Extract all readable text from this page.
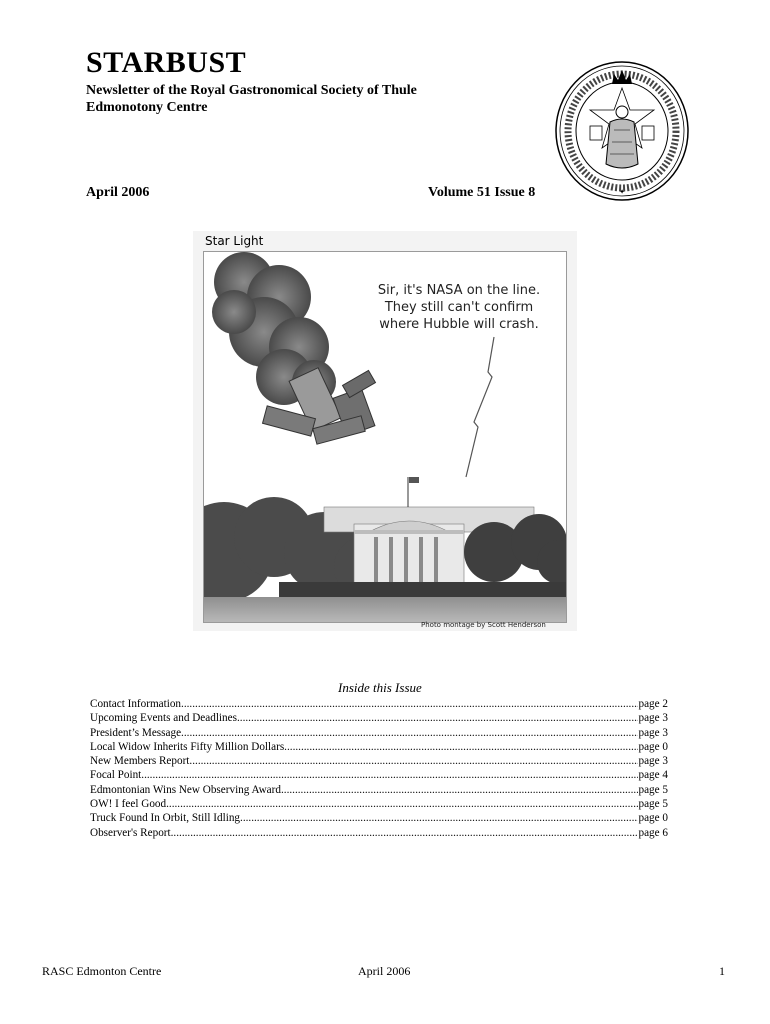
STARBUST
Newsletter of the Royal Gastronomical Society of Thule
Edmonotony Centre
✦
April 2006	Volume 51 Issue 8
Star Light
Sir, it's NASA on the line.
They still can't confirm
where Hubble will crash.
Photo montage by Scott Henderson
Inside this Issue
Contact Information .....	page 2
Upcoming Events and Deadlines .....	page 3
President’s Message .....	page 3
Local Widow Inherits Fifty Million Dollars .....	page 0
New Members Report .....	page 3
Focal Point .....	page 4
Edmontonian Wins New Observing Award .....	page 5
OW! I feel Good .....	page 5
Truck Found In Orbit, Still Idling .....	page 0
Observer's Report .....	page 6
RASC Edmonton Centre	April 2006	1
